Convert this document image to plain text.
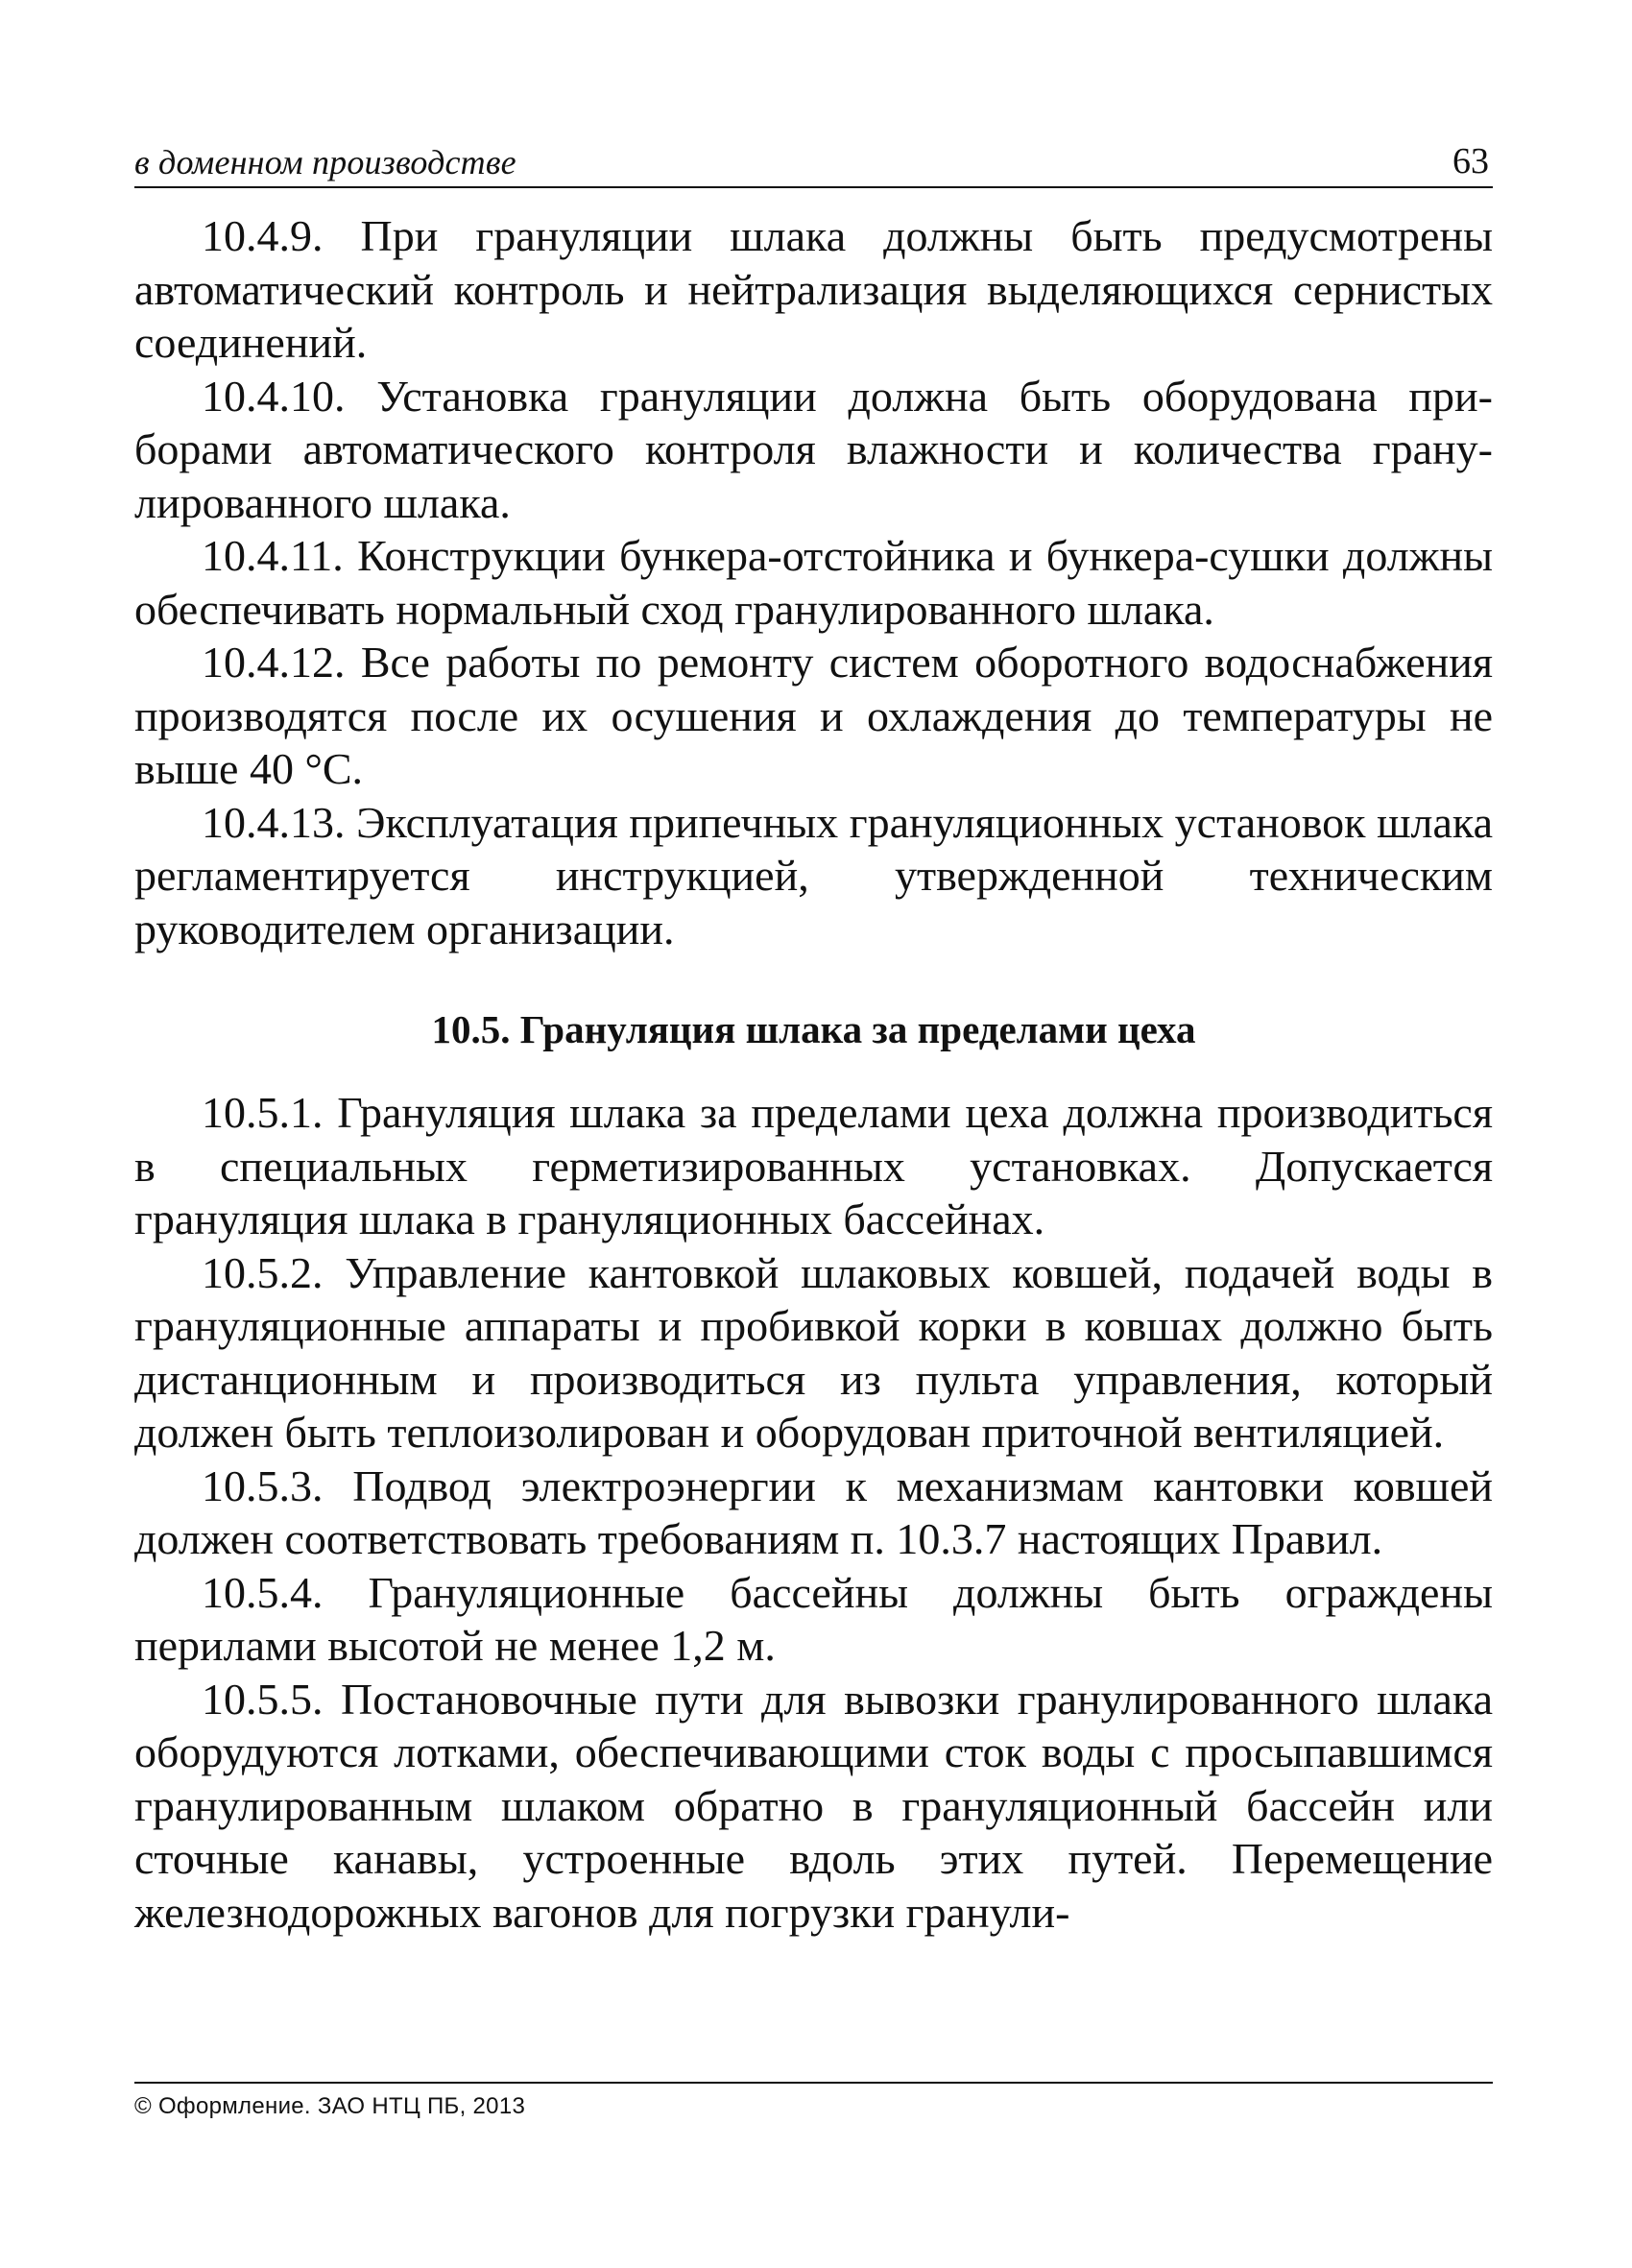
в доменном производстве	63

10.4.9. При грануляции шлака должны быть предусмотрены автоматический контроль и нейтрализация выделяющихся сернистых соединений.

10.4.10. Установка грануляции должна быть оборудована приборами автоматического контроля влажности и количества гранулированного шлака.

10.4.11. Конструкции бункера-отстойника и бункера-сушки должны обеспечивать нормальный сход гранулированного шлака.

10.4.12. Все работы по ремонту систем оборотного водоснабжения производятся после их осушения и охлаждения до температуры не выше 40 °С.

10.4.13. Эксплуатация припечных грануляционных установок шлака регламентируется инструкцией, утвержденной техническим руководителем организации.

10.5. Грануляция шлака за пределами цеха

10.5.1. Грануляция шлака за пределами цеха должна производиться в специальных герметизированных установках. Допускается грануляция шлака в грануляционных бассейнах.

10.5.2. Управление кантовкой шлаковых ковшей, подачей воды в грануляционные аппараты и пробивкой корки в ковшах должно быть дистанционным и производиться из пульта управления, который должен быть теплоизолирован и оборудован приточной вентиляцией.

10.5.3. Подвод электроэнергии к механизмам кантовки ковшей должен соответствовать требованиям п. 10.3.7 настоящих Правил.

10.5.4. Грануляционные бассейны должны быть ограждены перилами высотой не менее 1,2 м.

10.5.5. Постановочные пути для вывозки гранулированного шлака оборудуются лотками, обеспечивающими сток воды с просыпавшимся гранулированным шлаком обратно в грануляционный бассейн или сточные канавы, устроенные вдоль этих путей. Перемещение железнодорожных вагонов для погрузки гранули-

© Оформление. ЗАО НТЦ ПБ, 2013
